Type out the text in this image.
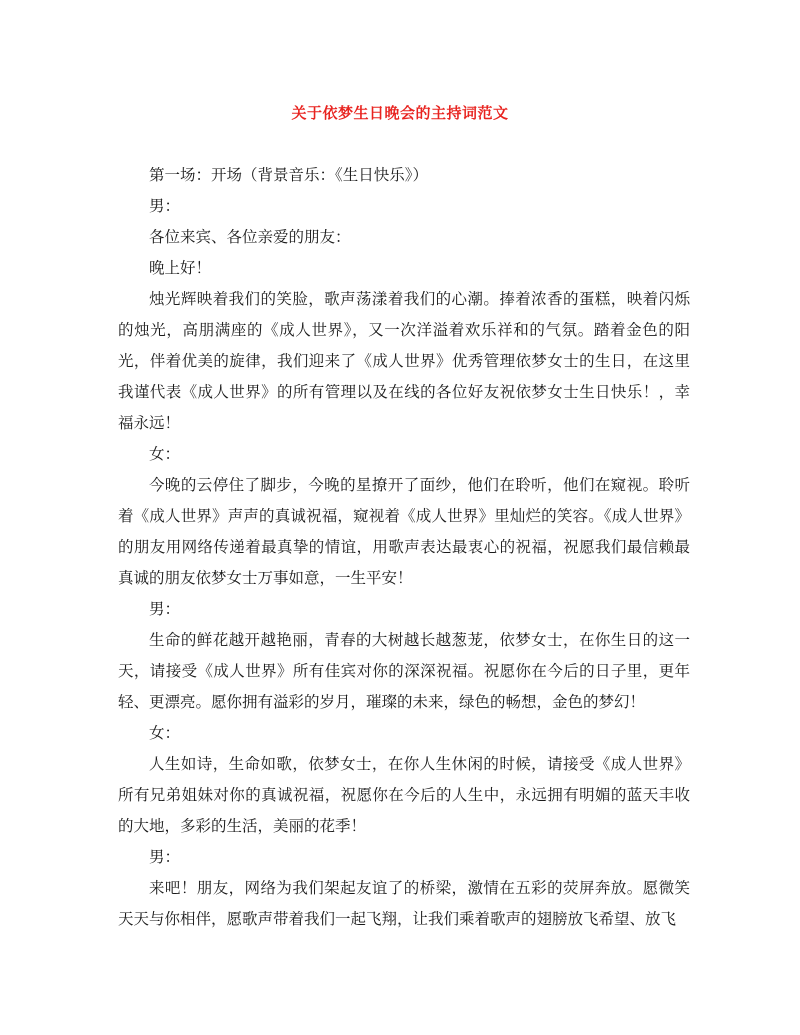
关于依梦生日晚会的主持词范文

第一场：开场（背景音乐：《生日快乐》）

男：

各位来宾、各位亲爱的朋友：

晚上好！

烛光辉映着我们的笑脸，歌声荡漾着我们的心潮。捧着浓香的蛋糕，映着闪烁的烛光，高朋满座的《成人世界》，又一次洋溢着欢乐祥和的气氛。踏着金色的阳光，伴着优美的旋律，我们迎来了《成人世界》优秀管理依梦女士的生日，在这里我谨代表《成人世界》的所有管理以及在线的各位好友祝依梦女士生日快乐！，幸福永远！

女：

今晚的云停住了脚步，今晚的星撩开了面纱，他们在聆听，他们在窥视。聆听着《成人世界》声声的真诚祝福，窥视着《成人世界》里灿烂的笑容。《成人世界》的朋友用网络传递着最真挚的情谊，用歌声表达最衷心的祝福，祝愿我们最信赖最真诚的朋友依梦女士万事如意，一生平安！

男：

生命的鲜花越开越艳丽，青春的大树越长越葱茏，依梦女士，在你生日的这一天，请接受《成人世界》所有佳宾对你的深深祝福。祝愿你在今后的日子里，更年轻、更漂亮。愿你拥有溢彩的岁月，璀璨的未来，绿色的畅想，金色的梦幻！

女：

人生如诗，生命如歌，依梦女士，在你人生休闲的时候，请接受《成人世界》所有兄弟姐妹对你的真诚祝福，祝愿你在今后的人生中，永远拥有明媚的蓝天丰收的大地，多彩的生活，美丽的花季！

男：

来吧！朋友，网络为我们架起友谊了的桥梁，激情在五彩的荧屏奔放。愿微笑天天与你相伴，愿歌声带着我们一起飞翔，让我们乘着歌声的翅膀放飞希望、放飞
